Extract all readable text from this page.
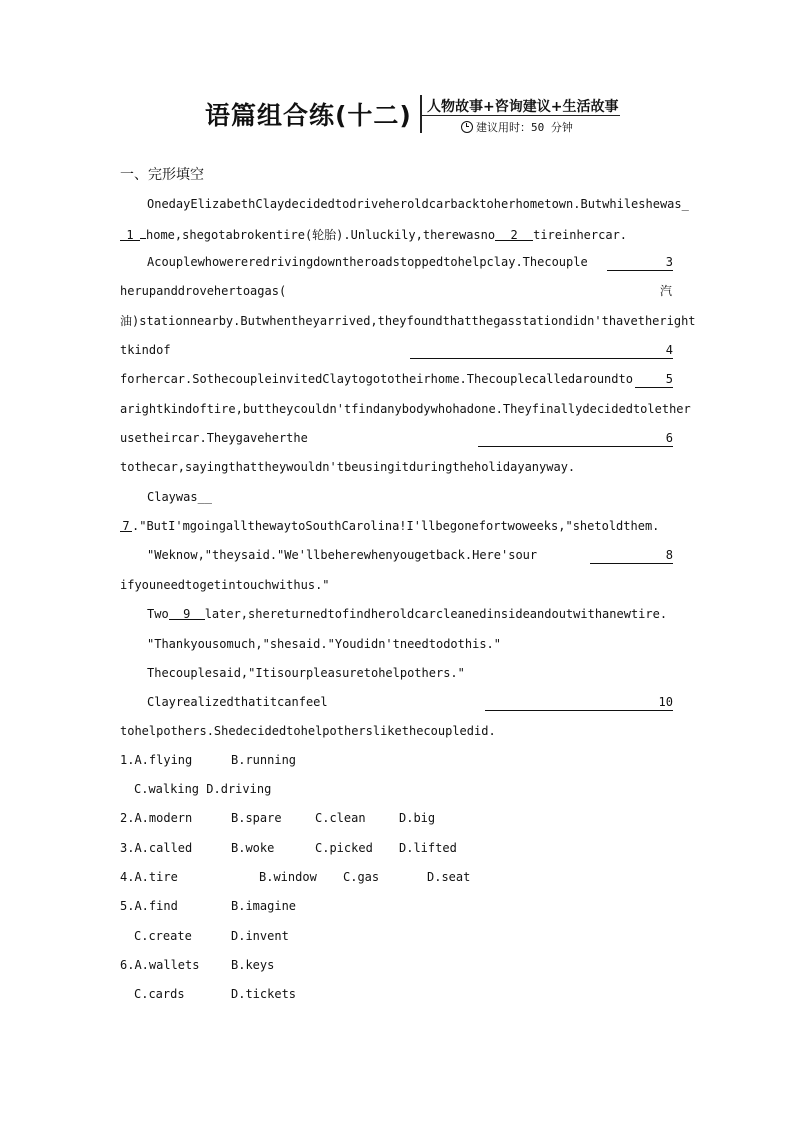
语篇组合练(十二) 人物故事+咨询建议+生活故事
建议用时：50 分钟
一、完形填空
OnedayElizabethClaydecidedtodriveheroldcarbacktoherhometown.Butwhileshewas_
1 home,shegotabrokentire(轮胎).Unluckily,therewasno 2 tireinhercar.
Acouplewhowereredrivingdowntheroadstoppedtohelpclay.Thecouple	3
herupanddrovehertoagas(	汽
油)stationnearby.Butwhentheyarrived,theyfoundthatthegasstationdidn'thavetheright
tkindof	4
forhercar.SothecoupleinvitedClaytogototheirhome.Thecouplecalledaroundto	5
arightkindoftire,buttheycouldn'tfindanybodywhohadone.Theyfinallydecidedtolether
usetheircar.Theygaveherthe	6
tothecar,sayingthattheywouldn'tbeusingitduringtheholidayanyway.
Claywas__
7 ."ButI'mgoingallthewaytoSouthCarolina!I'llbegonefortwoweeks,"shetoldthem.
"Weknow,"theysaid."We'llbeherewhenyougetback.Here'sour	8
ifyouneedtogetintouchwithus."
Two 9 later,shereturnedtofindheroldcarcleanedinsideandoutwithanewtire.
"Thankyousomuch,"shesaid."Youdidn'tneedtodothis."
Thecouplesaid,"Itisourpleasuretohelpothers."
Clayrealizedthatitcanfeel	10
tohelpothers.Shedecidedtohelpotherslikethecoupledid.
1.A.flying	B.running
C.walking D.driving
2.A.modern	B.spare	C.clean	D.big
3.A.called	B.woke	C.picked D.lifted
4.A.tire	B.window C.gas	D.seat
5.A.find	B.imagine
C.create	D.invent
6.A.wallets	B.keys
C.cards	D.tickets
